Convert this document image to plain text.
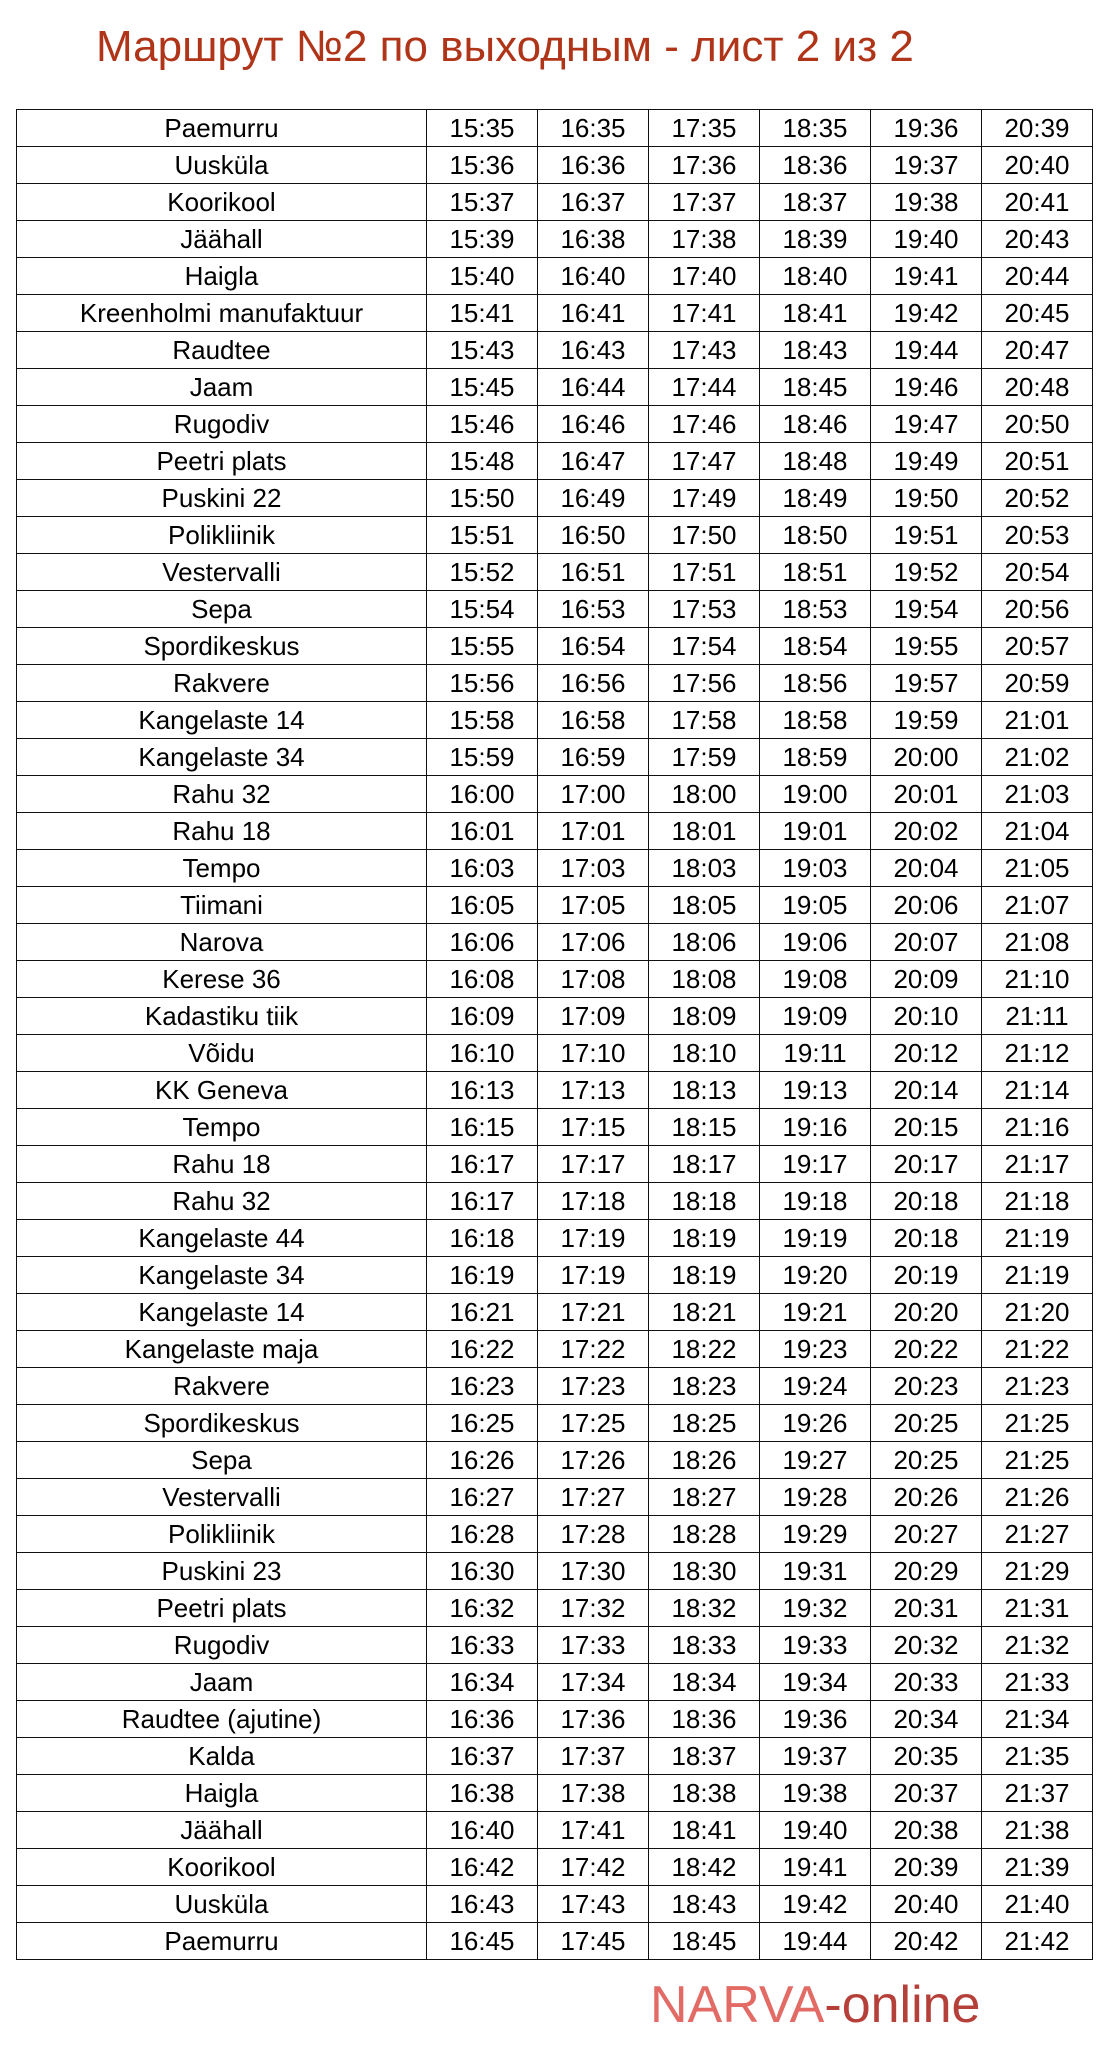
Маршрут №2 по выходным - лист 2 из 2
Paemurru	15:35	16:35	17:35	18:35	19:36	20:39
Uusküla	15:36	16:36	17:36	18:36	19:37	20:40
Koorikool	15:37	16:37	17:37	18:37	19:38	20:41
Jäähall	15:39	16:38	17:38	18:39	19:40	20:43
Haigla	15:40	16:40	17:40	18:40	19:41	20:44
Kreenholmi manufaktuur	15:41	16:41	17:41	18:41	19:42	20:45
Raudtee	15:43	16:43	17:43	18:43	19:44	20:47
Jaam	15:45	16:44	17:44	18:45	19:46	20:48
Rugodiv	15:46	16:46	17:46	18:46	19:47	20:50
Peetri plats	15:48	16:47	17:47	18:48	19:49	20:51
Puskini 22	15:50	16:49	17:49	18:49	19:50	20:52
Polikliinik	15:51	16:50	17:50	18:50	19:51	20:53
Vestervalli	15:52	16:51	17:51	18:51	19:52	20:54
Sepa	15:54	16:53	17:53	18:53	19:54	20:56
Spordikeskus	15:55	16:54	17:54	18:54	19:55	20:57
Rakvere	15:56	16:56	17:56	18:56	19:57	20:59
Kangelaste 14	15:58	16:58	17:58	18:58	19:59	21:01
Kangelaste 34	15:59	16:59	17:59	18:59	20:00	21:02
Rahu 32	16:00	17:00	18:00	19:00	20:01	21:03
Rahu 18	16:01	17:01	18:01	19:01	20:02	21:04
Tempo	16:03	17:03	18:03	19:03	20:04	21:05
Tiimani	16:05	17:05	18:05	19:05	20:06	21:07
Narova	16:06	17:06	18:06	19:06	20:07	21:08
Kerese 36	16:08	17:08	18:08	19:08	20:09	21:10
Kadastiku tiik	16:09	17:09	18:09	19:09	20:10	21:11
Võidu	16:10	17:10	18:10	19:11	20:12	21:12
KK Geneva	16:13	17:13	18:13	19:13	20:14	21:14
Tempo	16:15	17:15	18:15	19:16	20:15	21:16
Rahu 18	16:17	17:17	18:17	19:17	20:17	21:17
Rahu 32	16:17	17:18	18:18	19:18	20:18	21:18
Kangelaste 44	16:18	17:19	18:19	19:19	20:18	21:19
Kangelaste 34	16:19	17:19	18:19	19:20	20:19	21:19
Kangelaste 14	16:21	17:21	18:21	19:21	20:20	21:20
Kangelaste maja	16:22	17:22	18:22	19:23	20:22	21:22
Rakvere	16:23	17:23	18:23	19:24	20:23	21:23
Spordikeskus	16:25	17:25	18:25	19:26	20:25	21:25
Sepa	16:26	17:26	18:26	19:27	20:25	21:25
Vestervalli	16:27	17:27	18:27	19:28	20:26	21:26
Polikliinik	16:28	17:28	18:28	19:29	20:27	21:27
Puskini 23	16:30	17:30	18:30	19:31	20:29	21:29
Peetri plats	16:32	17:32	18:32	19:32	20:31	21:31
Rugodiv	16:33	17:33	18:33	19:33	20:32	21:32
Jaam	16:34	17:34	18:34	19:34	20:33	21:33
Raudtee (ajutine)	16:36	17:36	18:36	19:36	20:34	21:34
Kalda	16:37	17:37	18:37	19:37	20:35	21:35
Haigla	16:38	17:38	18:38	19:38	20:37	21:37
Jäähall	16:40	17:41	18:41	19:40	20:38	21:38
Koorikool	16:42	17:42	18:42	19:41	20:39	21:39
Uusküla	16:43	17:43	18:43	19:42	20:40	21:40
Paemurru	16:45	17:45	18:45	19:44	20:42	21:42
NARVA-online
